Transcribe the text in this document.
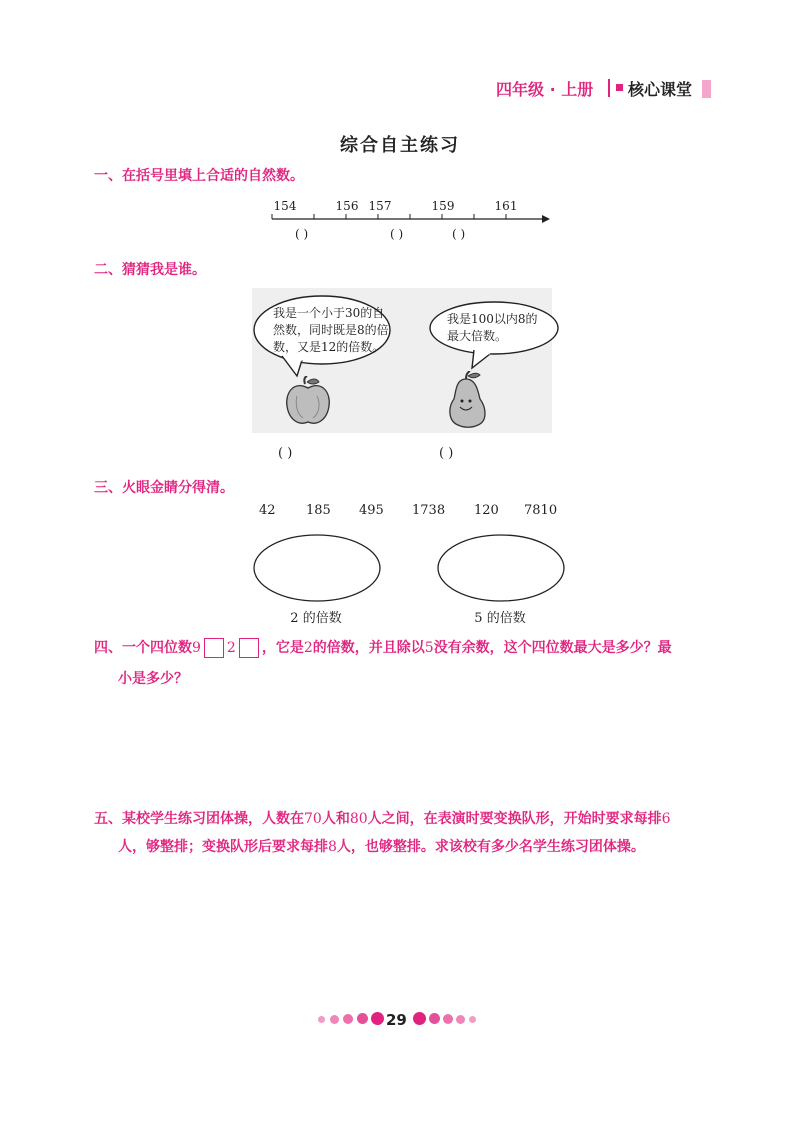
四年级 · 上册 核心课堂
综合自主练习
一、在括号里填上合适的自然数。
154	156 157	159	161
( )	( )	( )
二、猜猜我是谁。
我是一个小于30的自
然数，同时既是8的倍
数，又是12的倍数。
我是100以内8的
最大倍数。
( )	( )
三、火眼金睛分得清。
42 185 495 1738 120 7810
2 的倍数	5 的倍数
四、一个四位数9 2 ，它是2的倍数，并且除以5没有余数，这个四位数最大是多少？最
小是多少？
五、某校学生练习团体操，人数在70人和80人之间，在表演时要变换队形，开始时要求每排6
人，够整排；变换队形后要求每排8人，也够整排。求该校有多少名学生练习团体操。
29
